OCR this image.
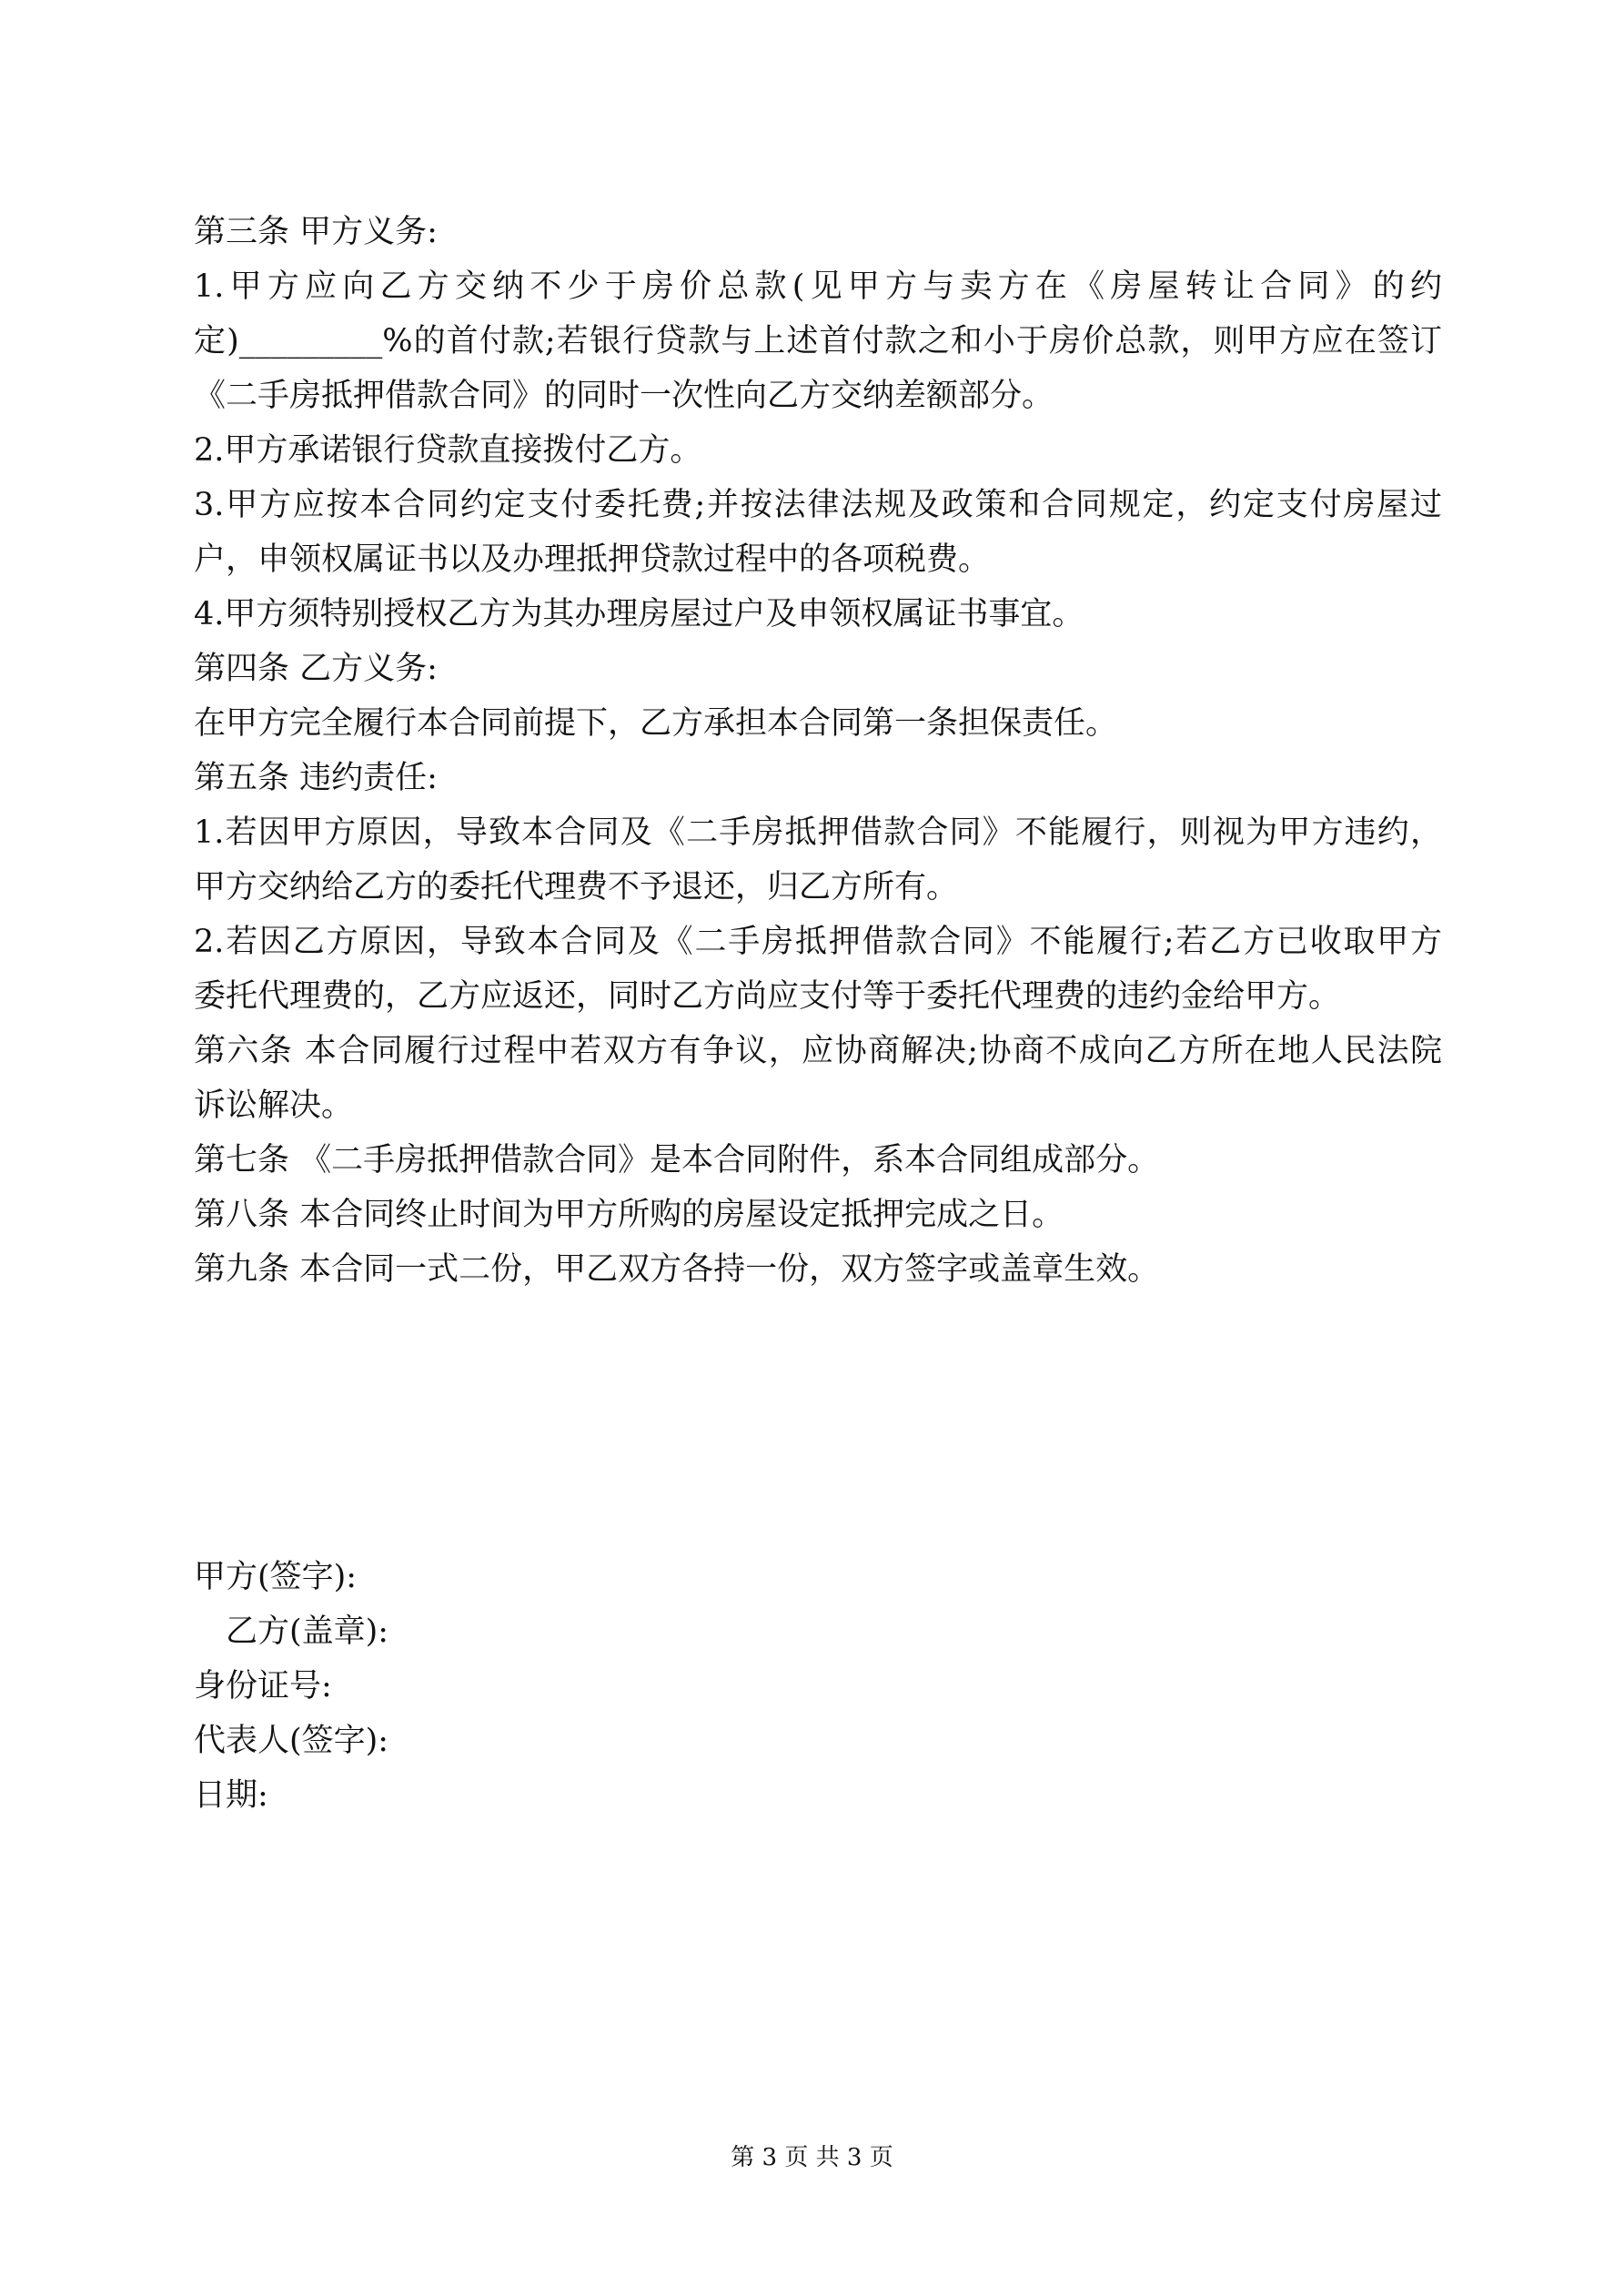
第三条 甲方义务:

1.甲方应向乙方交纳不少于房价总款(见甲方与卖方在《房屋转让合同》的约

定)_________%的首付款;若银行贷款与上述首付款之和小于房价总款，则甲方应在签订

《二手房抵押借款合同》的同时一次性向乙方交纳差额部分。

2.甲方承诺银行贷款直接拨付乙方。

3.甲方应按本合同约定支付委托费;并按法律法规及政策和合同规定，约定支付房屋过

户，申领权属证书以及办理抵押贷款过程中的各项税费。

4.甲方须特别授权乙方为其办理房屋过户及申领权属证书事宜。

第四条 乙方义务:

在甲方完全履行本合同前提下，乙方承担本合同第一条担保责任。

第五条 违约责任:

1.若因甲方原因，导致本合同及《二手房抵押借款合同》不能履行，则视为甲方违约，

甲方交纳给乙方的委托代理费不予退还，归乙方所有。

2.若因乙方原因，导致本合同及《二手房抵押借款合同》不能履行;若乙方已收取甲方

委托代理费的，乙方应返还，同时乙方尚应支付等于委托代理费的违约金给甲方。

第六条 本合同履行过程中若双方有争议，应协商解决;协商不成向乙方所在地人民法院

诉讼解决。

第七条 《二手房抵押借款合同》是本合同附件，系本合同组成部分。

第八条 本合同终止时间为甲方所购的房屋设定抵押完成之日。

第九条 本合同一式二份，甲乙双方各持一份，双方签字或盖章生效。

甲方(签字):

乙方(盖章):

身份证号:

代表人(签字):

日期:

第 3 页 共 3 页
